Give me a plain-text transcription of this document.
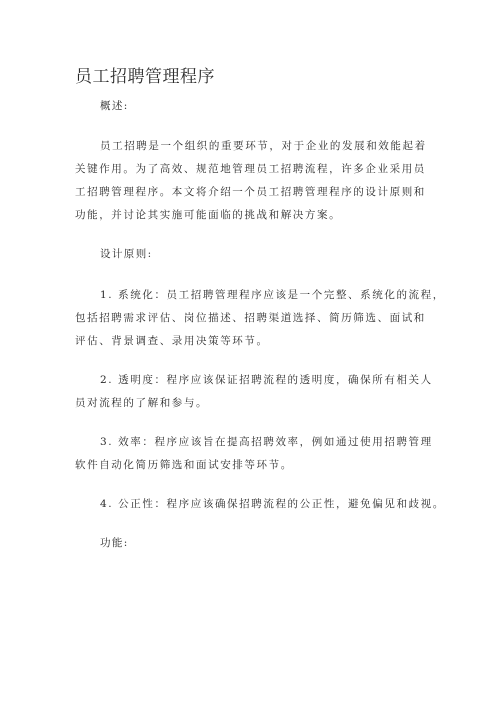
员工招聘管理程序
概述:
员工招聘是一个组织的重要环节，对于企业的发展和效能起着
关键作用。为了高效、规范地管理员工招聘流程，许多企业采用员
工招聘管理程序。本文将介绍一个员工招聘管理程序的设计原则和
功能，并讨论其实施可能面临的挑战和解决方案。
设计原则:
1. 系统化：员工招聘管理程序应该是一个完整、系统化的流程，
包括招聘需求评估、岗位描述、招聘渠道选择、简历筛选、面试和
评估、背景调查、录用决策等环节。
2. 透明度：程序应该保证招聘流程的透明度，确保所有相关人
员对流程的了解和参与。
3. 效率：程序应该旨在提高招聘效率，例如通过使用招聘管理
软件自动化简历筛选和面试安排等环节。
4. 公正性：程序应该确保招聘流程的公正性，避免偏见和歧视。
功能:
